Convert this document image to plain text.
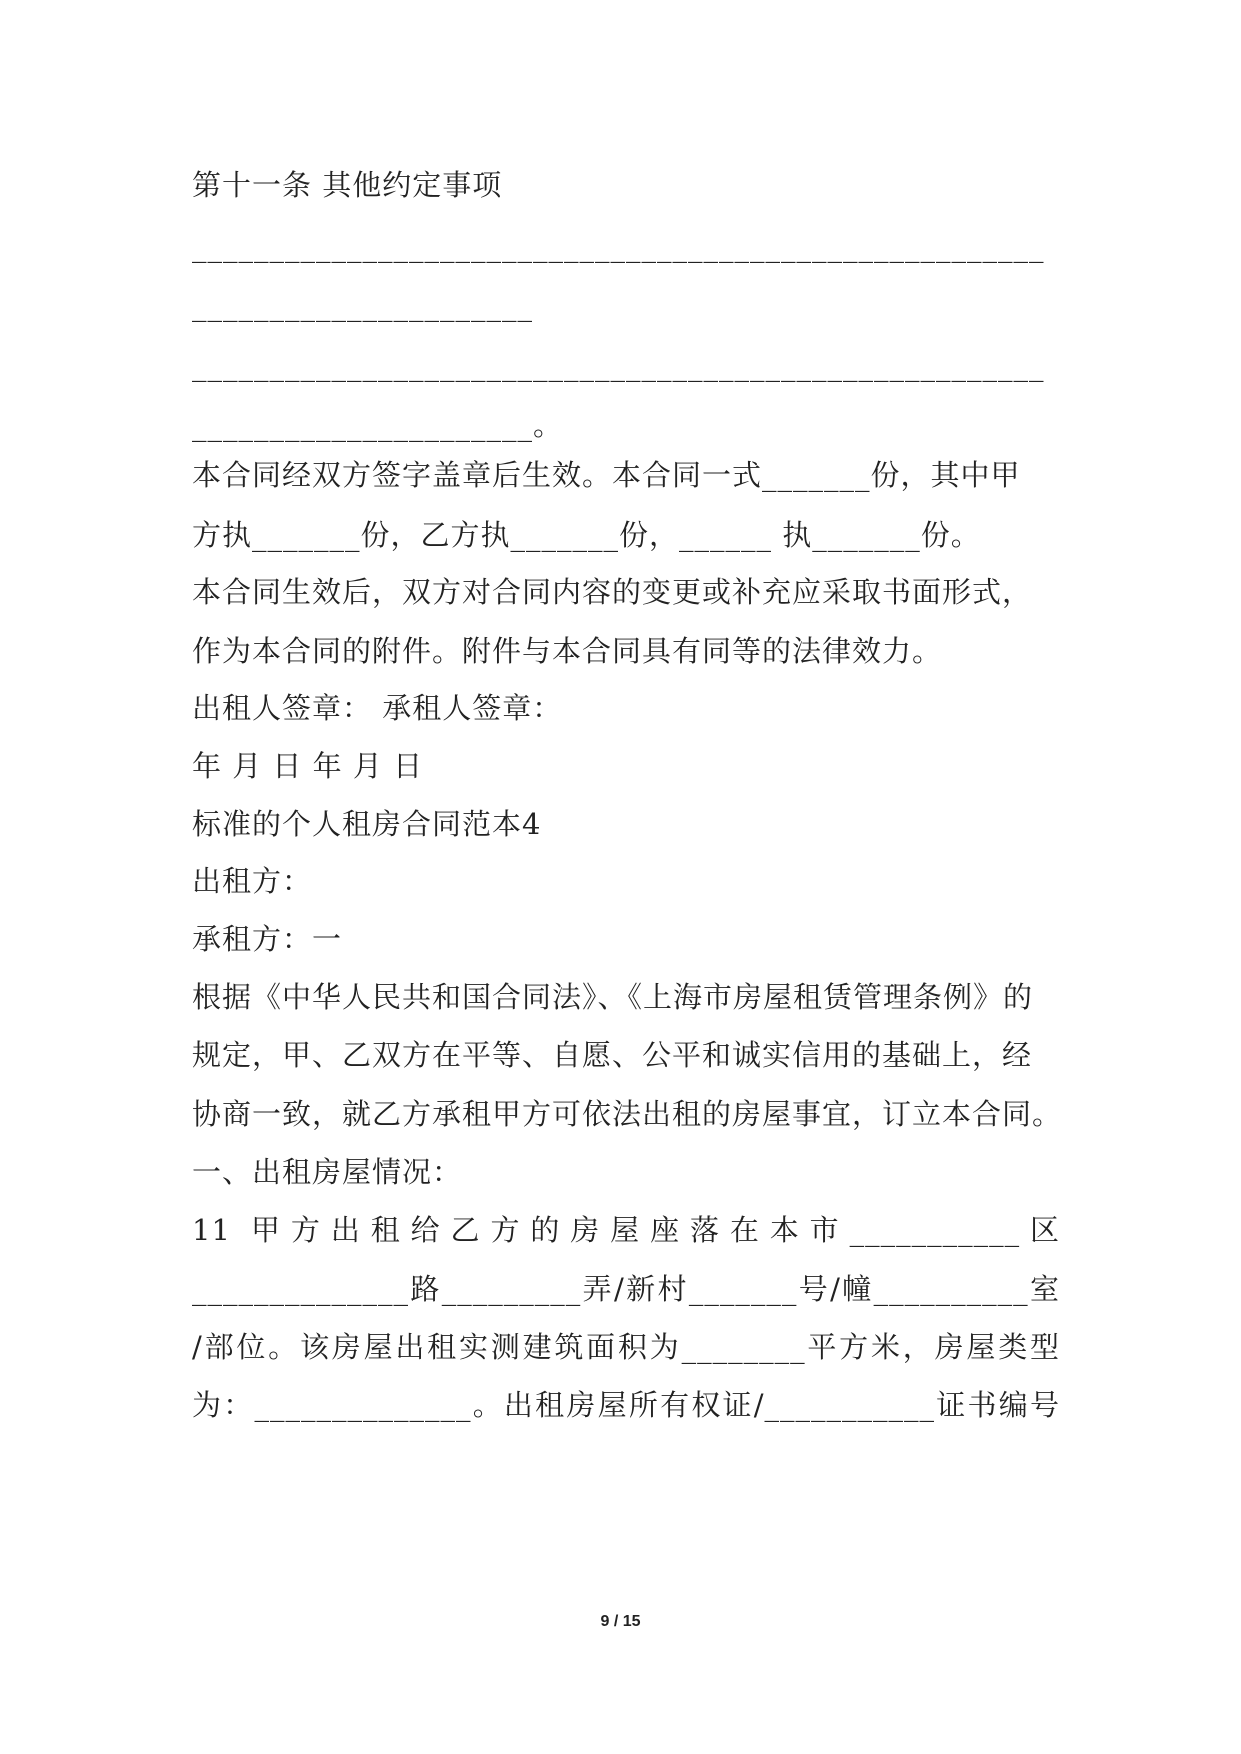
第十一条 其他约定事项
_______________________________________________________
______________________
_______________________________________________________
______________________。
本合同经双方签字盖章后生效。本合同一式_______份，其中甲
方执_______份，乙方执_______份，______ 执_______份。
本合同生效后，双方对合同内容的变更或补充应采取书面形式，
作为本合同的附件。附件与本合同具有同等的法律效力。
出租人签章： 承租人签章：
年 月 日 年 月 日
标准的个人租房合同范本4
出租方：
承租方：一
根据《中华人民共和国合同法》、《上海市房屋租赁管理条例》的
规定，甲、乙双方在平等、自愿、公平和诚实信用的基础上，经
协商一致，就乙方承租甲方可依法出租的房屋事宜，订立本合同。
一、出租房屋情况：
11 甲方出租给乙方的房屋座落在本市___________区
______________路_________弄/新村_______号/幢__________室
/部位。该房屋出租实测建筑面积为________平方米，房屋类型
为：______________。出租房屋所有权证/___________证书编号
9 / 15
